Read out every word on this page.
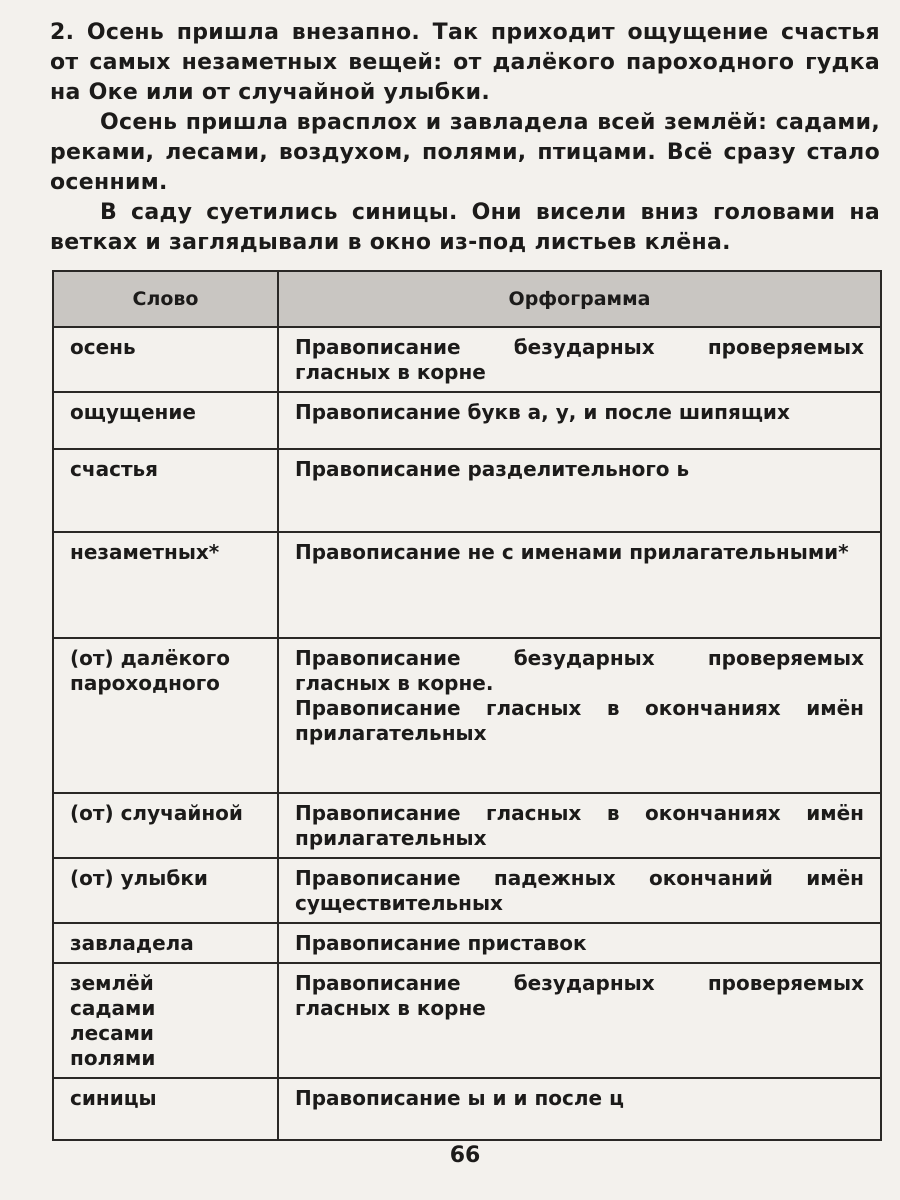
2. Осень пришла внезапно. Так приходит ощущение счастья от самых незаметных вещей: от далёкого пароходного гудка на Оке или от случайной улыбки.

Осень пришла врасплох и завладела всей землёй: садами, реками, лесами, воздухом, полями, птицами. Всё сразу стало осенним.

В саду суетились синицы. Они висели вниз головами на ветках и заглядывали в окно из-под листьев клёна.

Слово	Орфограмма

осень	Правописание безударных проверяемых гласных в корне

ощущение	Правописание букв а, у, и после шипящих

счастья	Правописание разделительного ь

незаметных*	Правописание не с именами прилагательными*

(от) далёкого
пароходного	Правописание безударных проверяемых гласных в корне.
Правописание гласных в окончаниях имён прилагательных

(от) случайной	Правописание гласных в окончаниях имён прилагательных

(от) улыбки	Правописание падежных окончаний имён существительных

завладела	Правописание приставок

землёй
садами
лесами
полями	Правописание безударных проверяемых гласных в корне

синицы	Правописание ы и и после ц
66
